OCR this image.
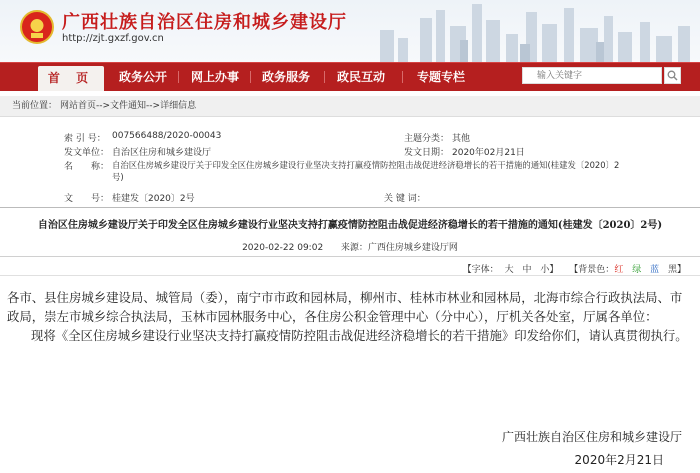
广西壮族自治区住房和城乡建设厅
http://zjt.gxzf.gov.cn
首 页	政务公开	网上办事	政务服务	政民互动	专题专栏
输入关键字
当前位置： 网站首页-->文件通知-->详细信息
索 引 号： 007566488/2020-00043	主题分类： 其他
发文单位： 自治区住房和城乡建设厅	发文日期： 2020年02月21日
名　　称： 自治区住房城乡建设厅关于印发全区住房城乡建设行业坚决支持打赢疫情防控阻击战促进经济稳增长的若干措施的通知(桂建发〔2020〕2
号)
文　　号： 桂建发〔2020〕2号	关 键 词：
自治区住房城乡建设厅关于印发全区住房城乡建设行业坚决支持打赢疫情防控阻击战促进经济稳增长的若干措施的通知(桂建发〔2020〕2号)
2020-02-22 09:02 来源：广西住房城乡建设厅网
【字体： 大 中 小】 【背景色：红 绿 蓝 黑】

各市、县住房城乡建设局、城管局（委），南宁市市政和园林局，柳州市、桂林市林业和园林局，北海市综合行政执法局、市政局，崇左市城乡综合执法局，玉林市园林服务中心，各住房公积金管理中心（分中心），厅机关各处室，厅属各单位：

现将《全区住房城乡建设行业坚决支持打赢疫情防控阻击战促进经济稳增长的若干措施》印发给你们，请认真贯彻执行。

广西壮族自治区住房和城乡建设厅
2020年2月21日
